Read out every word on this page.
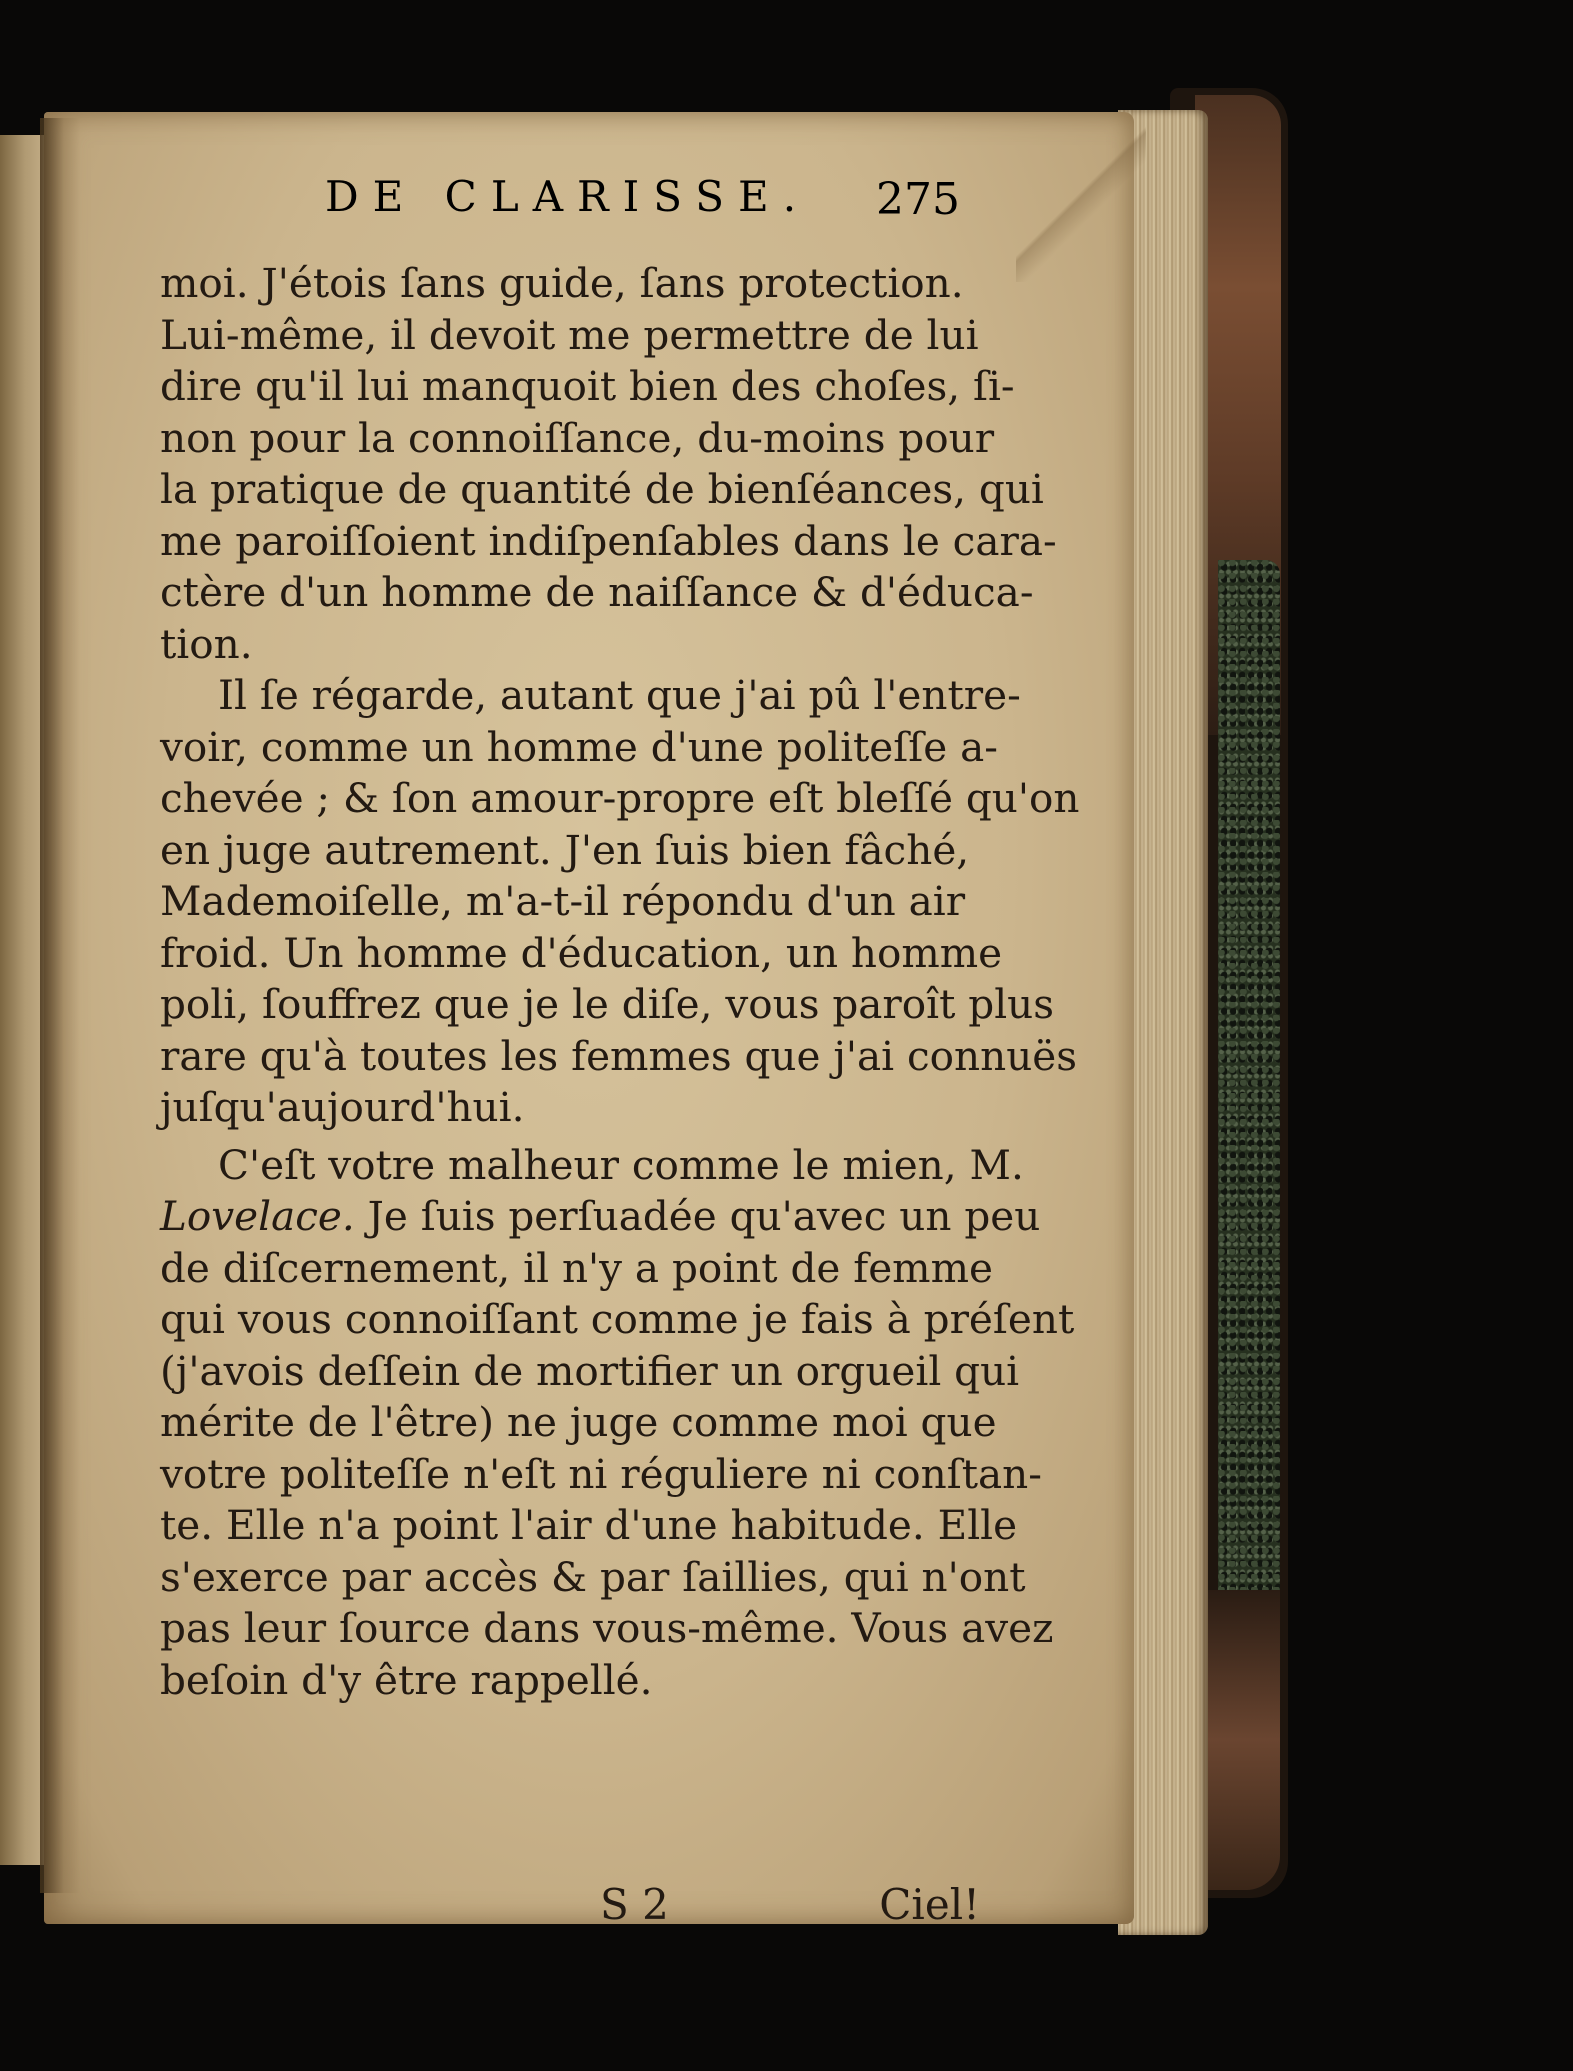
DE CLARISSE. 275
moi. J'étois ſans guide, ſans protection.
Lui-même, il devoit me permettre de lui
dire qu'il lui manquoit bien des choſes, ſi-
non pour la connoiſſance, du-moins pour
la pratique de quantité de bienſéances, qui
me paroiſſoient indiſpenſables dans le cara-
ctère d'un homme de naiſſance & d'éduca-
tion.
Il ſe régarde, autant que j'ai pû l'entre-
voir, comme un homme d'une politeſſe a-
chevée ; & ſon amour-propre eſt bleſſé qu'on
en juge autrement. J'en ſuis bien fâché,
Mademoiſelle, m'a-t-il répondu d'un air
froid. Un homme d'éducation, un homme
poli, ſouffrez que je le diſe, vous paroît plus
rare qu'à toutes les femmes que j'ai connuës
juſqu'aujourd'hui.
C'eſt votre malheur comme le mien, M.
Lovelace. Je ſuis perſuadée qu'avec un peu
de diſcernement, il n'y a point de femme
qui vous connoiſſant comme je fais à préſent
(j'avois deſſein de mortifier un orgueil qui
mérite de l'être) ne juge comme moi que
votre politeſſe n'eſt ni réguliere ni conſtan-
te. Elle n'a point l'air d'une habitude. Elle
s'exerce par accès & par ſaillies, qui n'ont
pas leur ſource dans vous-même. Vous avez
beſoin d'y être rappellé.
S 2	Ciel!
